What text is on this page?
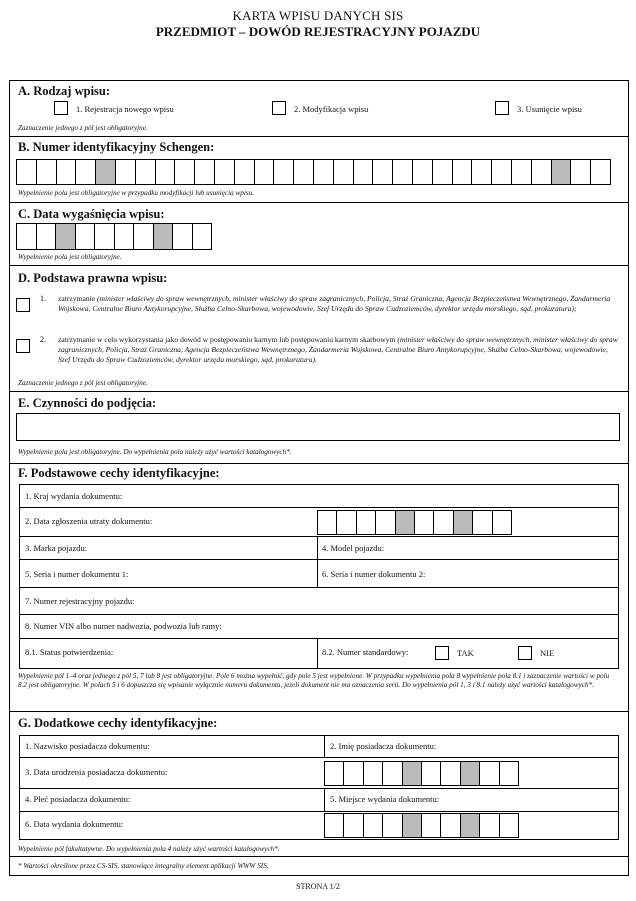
KARTA WPISU DANYCH SIS
PRZEDMIOT – DOWÓD REJESTRACYJNY POJAZDU
A. Rodzaj wpisu:
1. Rejestracja nowego wpisu	2. Modyfikacja wpisu	3. Usunięcie wpisu
Zaznaczenie jednego z pól jest obligatoryjne.
B. Numer identyfikacyjny Schengen:
Wypełnienie pola jest obligatoryjne w przypadku modyfikacji lub usunięcia wpisu.
C. Data wygaśnięcia wpisu:
Wypełnienie pola jest obligatoryjne.
D. Podstawa prawna wpisu:
1. zatrzymanie (minister właściwy do spraw wewnętrznych, minister właściwy do spraw zagranicznych, Policja, Straż Graniczna, Agencja Bezpieczeństwa Wewnętrznego, Żandarmeria Wojskowa, Centralne Biuro Antykorupcyjne, Służba Celno-Skarbowa, wojewodowie, Szef Urzędu do Spraw Cudzoziemców, dyrektor urzędu morskiego, sąd, prokuratura);
2. zatrzymanie w celu wykorzystania jako dowód w postępowaniu karnym lub postępowaniu karnym skarbowym (minister właściwy do spraw wewnętrznych, minister właściwy do spraw zagranicznych, Policja, Straż Graniczna, Agencja Bezpieczeństwa Wewnętrznego, Żandarmeria Wojskowa, Centralne Biuro Antykorupcyjne, Służba Celno-Skarbowa, wojewodowie, Szef Urzędu do Spraw Cudzoziemców, dyrektor urzędu morskiego, sąd, prokuratura).
Zaznaczenie jednego z pól jest obligatoryjne.
E. Czynności do podjęcia:
Wypełnienie pola jest obligatoryjne. Do wypełnienia pola należy użyć wartości katalogowych*.
F. Podstawowe cechy identyfikacyjne:
1. Kraj wydania dokumentu:
2. Data zgłoszenia utraty dokumentu:
3. Marka pojazdu:	4. Model pojazdu:
5. Seria i numer dokumentu 1:	6. Seria i numer dokumentu 2:
7. Numer rejestracyjny pojazdu:
8. Numer VIN albo numer nadwozia, podwozia lub ramy:
8.1. Status potwierdzenia:	8.2. Numer standardowy:	TAK	NIE
Wypełnienie pól 1–4 oraz jednego z pól 5, 7 lub 8 jest obligatoryjne. Pole 6 można wypełnić, gdy pole 5 jest wypełnione. W przypadku wypełnienia pola 8 wypełnienie pola 8.1 i zaznaczenie wartości w polu 8.2 jest obligatoryjne. W polach 5 i 6 dopuszcza się wpisanie wyłącznie numeru dokumentu, jeżeli dokument nie ma oznaczenia serii. Do wypełnienia pól 1, 3 i 8.1 należy użyć wartości katalogowych*.
G. Dodatkowe cechy identyfikacyjne:
1. Nazwisko posiadacza dokumentu:	2. Imię posiadacza dokumentu:
3. Data urodzenia posiadacza dokumentu:
4. Płeć posiadacza dokumentu:	5. Miejsce wydania dokumentu:
6. Data wydania dokumentu:
Wypełnienie pól fakultatywne. Do wypełnienia pola 4 należy użyć wartości katalogowych*.
* Wartości określone przez CS-SIS, stanowiące integralny element aplikacji WWW SIS.
STRONA 1/2
